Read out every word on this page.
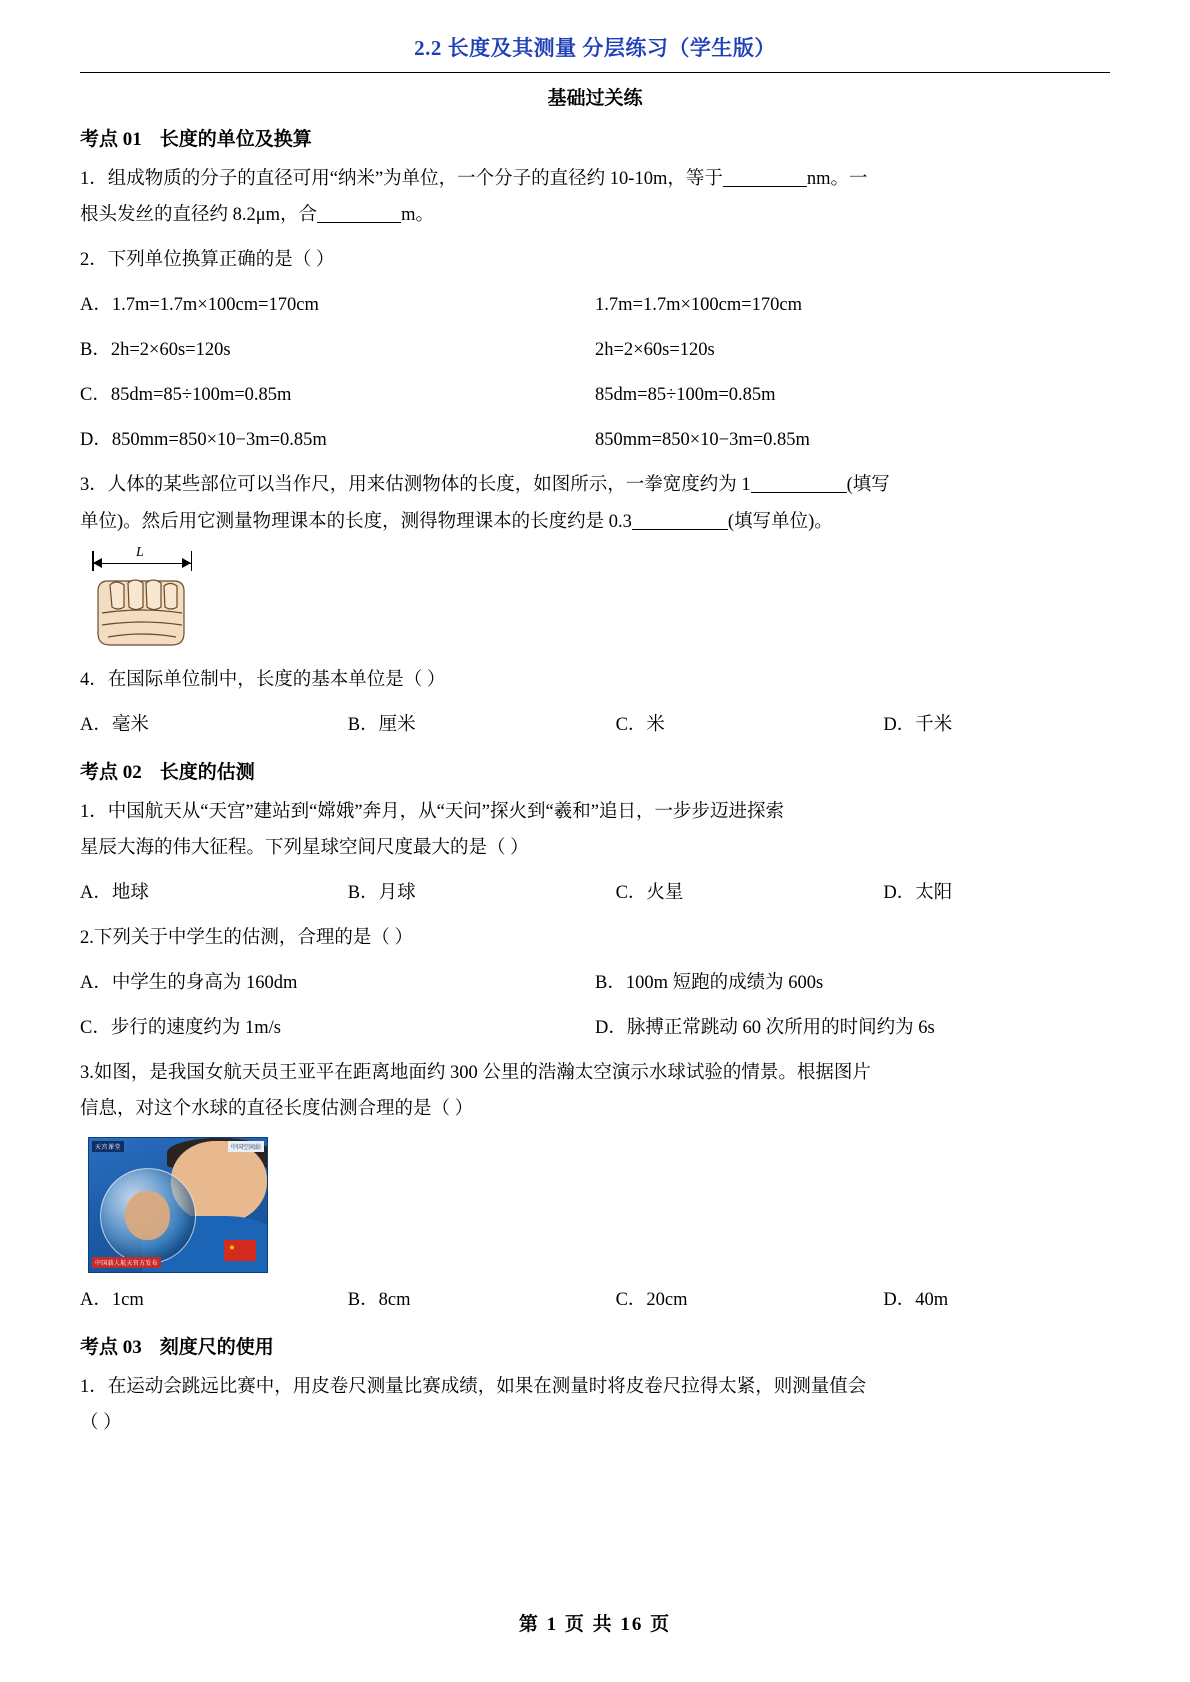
2.2 长度及其测量 分层练习（学生版）
基础过关练
考点 01 长度的单位及换算

1．组成物质的分子的直径可用“纳米”为单位，一个分子的直径约 10-10m，等于	nm。一
根头发丝的直径约 8.2μm，合	m。

2．下列单位换算正确的是（ ）

A．1.7m=1.7m×100cm=170cm	1.7m=1.7m×100cm=170cm
B．2h=2×60s=120s	2h=2×60s=120s
C．85dm=85÷100m=0.85m	85dm=85÷100m=0.85m
D．850mm=850×10−3m=0.85m	850mm=850×10−3m=0.85m

3．人体的某些部位可以当作尺，用来估测物体的长度，如图所示，一拳宽度约为 1	(填写
单位)。然后用它测量物理课本的长度，测得物理课本的长度约是 0.3	(填写单位)。

L

4．在国际单位制中，长度的基本单位是（ ）

A．毫米	B．厘米	C．米	D．千米
考点 02 长度的估测

1．中国航天从“天宫”建站到“嫦娥”奔月，从“天问”探火到“羲和”追日，一步步迈进探索
星辰大海的伟大征程。下列星球空间尺度最大的是（ ）

A．地球	B．月球	C．火星	D．太阳

2.下列关于中学生的估测，合理的是（ ）

A．中学生的身高为 160dm	B．100m 短跑的成绩为 600s
C．步行的速度约为 1m/s	D．脉搏正常跳动 60 次所用的时间约为 6s

3.如图，是我国女航天员王亚平在距离地面约 300 公里的浩瀚太空演示水球试验的情景。根据图片
信息，对这个水球的直径长度估测合理的是（ ）

★
天宫课堂	中国空间站
中国载人航天官方发布
A．1cm	B．8cm	C．20cm	D．40m
考点 03 刻度尺的使用

1．在运动会跳远比赛中，用皮卷尺测量比赛成绩，如果在测量时将皮卷尺拉得太紧，则测量值会
（ ）

第 1 页 共 16 页
